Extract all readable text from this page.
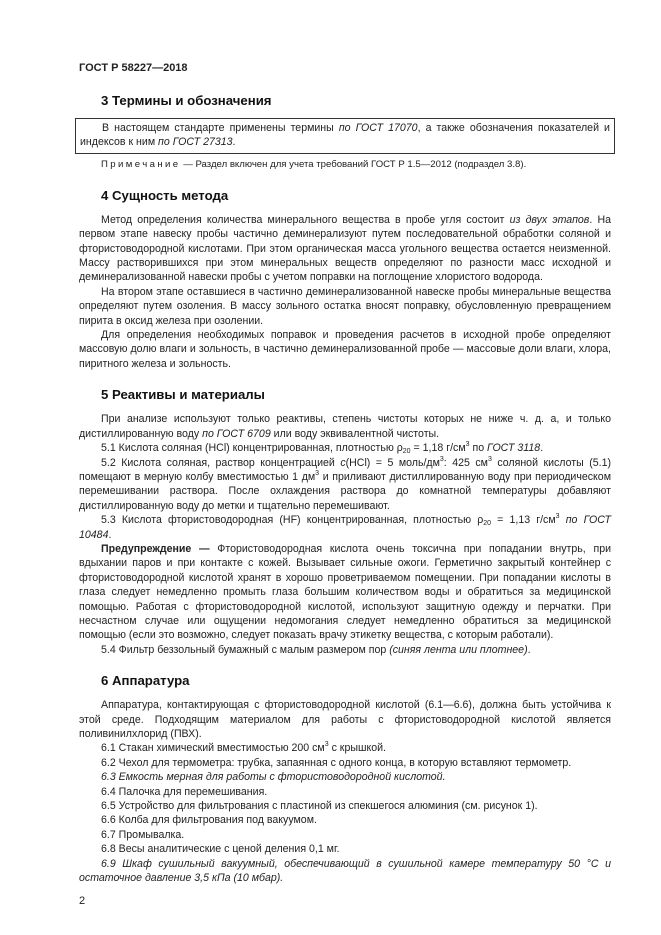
ГОСТ Р 58227—2018
3 Термины и обозначения

В настоящем стандарте применены термины по ГОСТ 17070, а также обозначения показателей и индексов к ним по ГОСТ 27313.

Примечание — Раздел включен для учета требований ГОСТ Р 1.5—2012 (подраздел 3.8).

4 Сущность метода

Метод определения количества минерального вещества в пробе угля состоит из двух этапов. На первом этапе навеску пробы частично деминерализуют путем последовательной обработки соляной и фтористоводородной кислотами. При этом органическая масса угольного вещества остается неизменной. Массу растворившихся при этом минеральных веществ определяют по разности масс исходной и деминерализованной навески пробы с учетом поправки на поглощение хлористого водорода.

На втором этапе оставшиеся в частично деминерализованной навеске пробы минеральные вещества определяют путем озоления. В массу зольного остатка вносят поправку, обусловленную превращением пирита в оксид железа при озолении.

Для определения необходимых поправок и проведения расчетов в исходной пробе определяют массовую долю влаги и зольность, в частично деминерализованной пробе — массовые доли влаги, хлора, пиритного железа и зольность.

5 Реактивы и материалы

При анализе используют только реактивы, степень чистоты которых не ниже ч. д. а, и только дистиллированную воду по ГОСТ 6709 или воду эквивалентной чистоты.

5.1 Кислота соляная (HCl) концентрированная, плотностью $\rho_{20} = 1,18$ $г/см^3$ по ГОСТ 3118.

5.2 Кислота соляная, раствор концентрацией c(HCl) = 5 моль/$дм^3$: 425 $см^3$ соляной кислоты (5.1) помещают в мерную колбу вместимостью 1 $дм^3$ и приливают дистиллированную воду при периодическом перемешивании раствора. После охлаждения раствора до комнатной температуры добавляют дистиллированную воду до метки и тщательно перемешивают.

5.3 Кислота фтористоводородная (HF) концентрированная, плотностью $\rho_{20} = 1,13$ $г/см^3$ по ГОСТ 10484.

Предупреждение — Фтористоводородная кислота очень токсична при попадании внутрь, при вдыхании паров и при контакте с кожей. Вызывает сильные ожоги. Герметично закрытый контейнер с фтористоводородной кислотой хранят в хорошо проветриваемом помещении. При попадании кислоты в глаза следует немедленно промыть глаза большим количеством воды и обратиться за медицинской помощью. Работая с фтористоводородной кислотой, используют защитную одежду и перчатки. При несчастном случае или ощущении недомогания следует немедленно обратиться за медицинской помощью (если это возможно, следует показать врачу этикетку вещества, с которым работали).

5.4 Фильтр беззольный бумажный с малым размером пор (синяя лента или плотнее).

6 Аппаратура

Аппаратура, контактирующая с фтористоводородной кислотой (6.1—6.6), должна быть устойчива к этой среде. Подходящим материалом для работы с фтористоводородной кислотой является поливинилхлорид (ПВХ).

6.1 Стакан химический вместимостью 200 $см^3$ с крышкой.

6.2 Чехол для термометра: трубка, запаянная с одного конца, в которую вставляют термометр.

6.3 Емкость мерная для работы с фтористоводородной кислотой.

6.4 Палочка для перемешивания.

6.5 Устройство для фильтрования с пластиной из спекшегося алюминия (см. рисунок 1).

6.6 Колба для фильтрования под вакуумом.

6.7 Промывалка.

6.8 Весы аналитические с ценой деления 0,1 мг.

6.9 Шкаф сушильный вакуумный, обеспечивающий в сушильной камере температуру 50 °С и остаточное давление 3,5 кПа (10 мбар).

2
